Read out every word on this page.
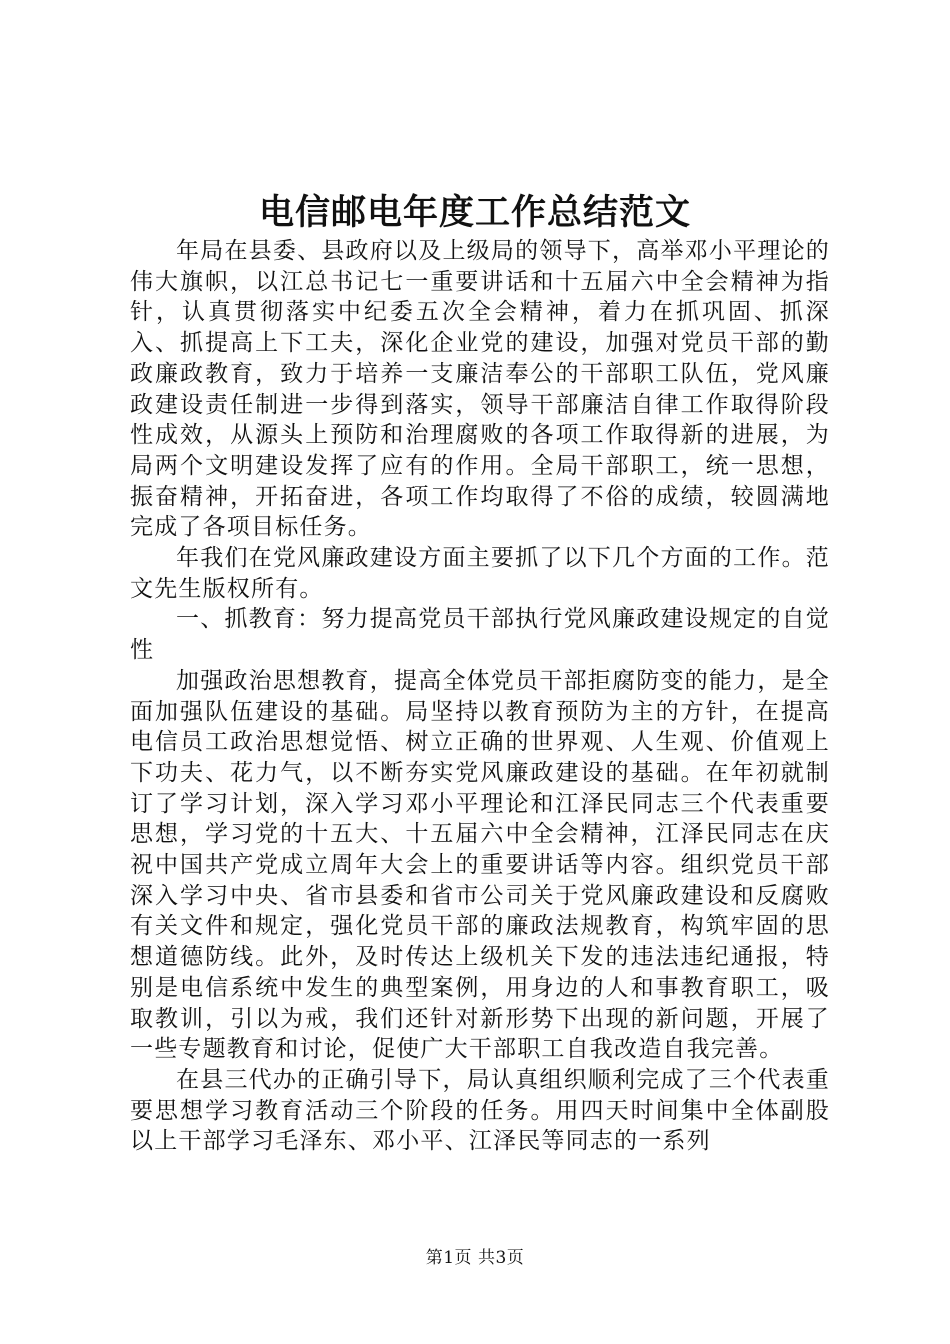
电信邮电年度工作总结范文

年局在县委、县政府以及上级局的领导下，高举邓小平理论的伟大旗帜，以江总书记七一重要讲话和十五届六中全会精神为指针，认真贯彻落实中纪委五次全会精神，着力在抓巩固、抓深入、抓提高上下工夫，深化企业党的建设，加强对党员干部的勤政廉政教育，致力于培养一支廉洁奉公的干部职工队伍，党风廉政建设责任制进一步得到落实，领导干部廉洁自律工作取得阶段性成效，从源头上预防和治理腐败的各项工作取得新的进展，为局两个文明建设发挥了应有的作用。全局干部职工，统一思想，振奋精神，开拓奋进，各项工作均取得了不俗的成绩，较圆满地完成了各项目标任务。

年我们在党风廉政建设方面主要抓了以下几个方面的工作。范文先生版权所有。

一、抓教育：努力提高党员干部执行党风廉政建设规定的自觉性

加强政治思想教育，提高全体党员干部拒腐防变的能力，是全面加强队伍建设的基础。局坚持以教育预防为主的方针，在提高电信员工政治思想觉悟、树立正确的世界观、人生观、价值观上下功夫、花力气，以不断夯实党风廉政建设的基础。在年初就制订了学习计划，深入学习邓小平理论和江泽民同志三个代表重要思想，学习党的十五大、十五届六中全会精神，江泽民同志在庆祝中国共产党成立周年大会上的重要讲话等内容。组织党员干部深入学习中央、省市县委和省市公司关于党风廉政建设和反腐败有关文件和规定，强化党员干部的廉政法规教育，构筑牢固的思想道德防线。此外，及时传达上级机关下发的违法违纪通报，特别是电信系统中发生的典型案例，用身边的人和事教育职工，吸取教训，引以为戒，我们还针对新形势下出现的新问题，开展了一些专题教育和讨论，促使广大干部职工自我改造自我完善。

在县三代办的正确引导下，局认真组织顺利完成了三个代表重要思想学习教育活动三个阶段的任务。用四天时间集中全体副股以上干部学习毛泽东、邓小平、江泽民等同志的一系列

第1页 共3页
